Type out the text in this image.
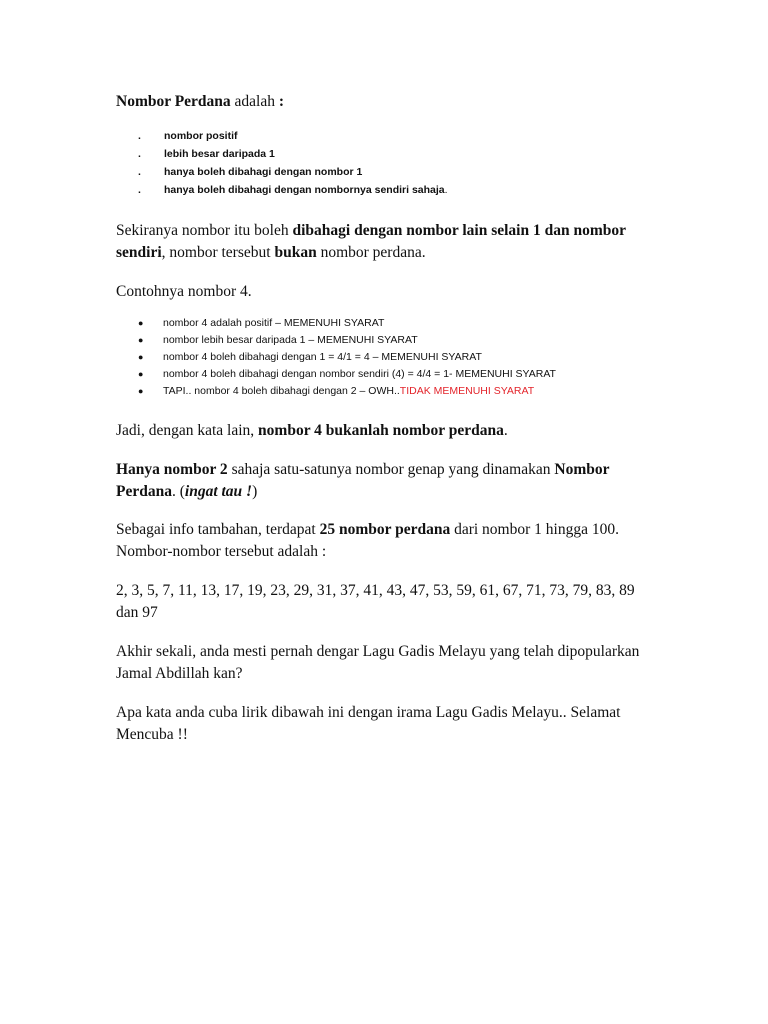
Nombor Perdana adalah :

.	nombor positif
.	lebih besar daripada 1
.	hanya boleh dibahagi dengan nombor 1
.	hanya boleh dibahagi dengan nombornya sendiri sahaja.

Sekiranya nombor itu boleh dibahagi dengan nombor lain selain 1 dan nombor sendiri, nombor tersebut bukan nombor perdana.

Contohnya nombor 4.

● nombor 4 adalah positif – MEMENUHI SYARAT
● nombor lebih besar daripada 1 – MEMENUHI SYARAT
● nombor 4 boleh dibahagi dengan 1 = 4/1 = 4 – MEMENUHI SYARAT
● nombor 4 boleh dibahagi dengan nombor sendiri (4) = 4/4 = 1- MEMENUHI SYARAT
● TAPI.. nombor 4 boleh dibahagi dengan 2 – OWH..TIDAK MEMENUHI SYARAT

Jadi, dengan kata lain, nombor 4 bukanlah nombor perdana.

Hanya nombor 2 sahaja satu-satunya nombor genap yang dinamakan Nombor Perdana. (ingat tau !)

Sebagai info tambahan, terdapat 25 nombor perdana dari nombor 1 hingga 100. Nombor-nombor tersebut adalah :

2, 3, 5, 7, 11, 13, 17, 19, 23, 29, 31, 37, 41, 43, 47, 53, 59, 61, 67, 71, 73, 79, 83, 89 dan 97

Akhir sekali, anda mesti pernah dengar Lagu Gadis Melayu yang telah dipopularkan Jamal Abdillah kan?

Apa kata anda cuba lirik dibawah ini dengan irama Lagu Gadis Melayu.. Selamat Mencuba !!
